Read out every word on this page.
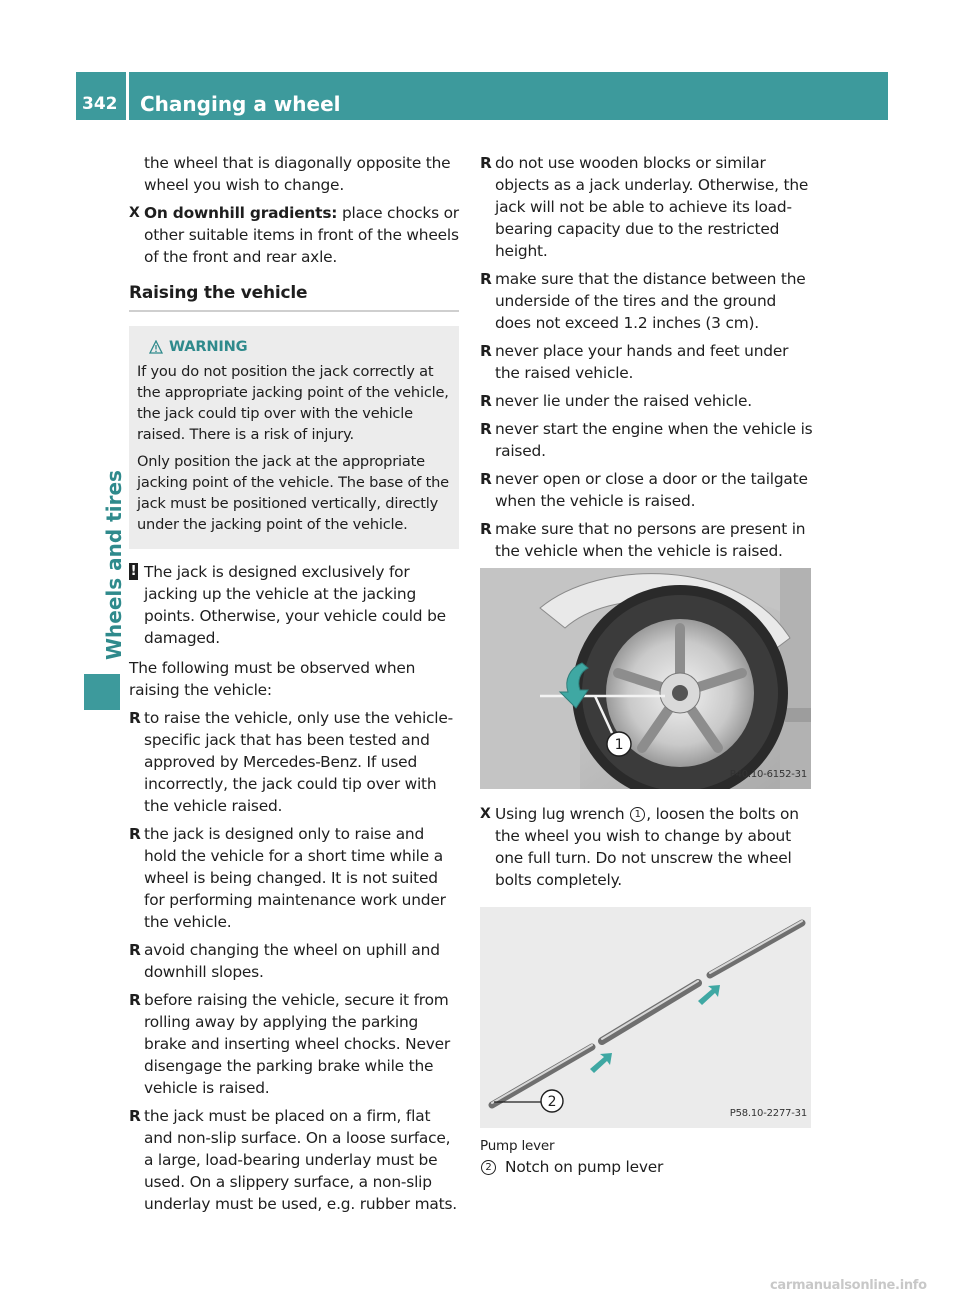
342	Changing a wheel
Wheels and tires
the wheel that is diagonally opposite the wheel you wish to change.
X On downhill gradients: place chocks or other suitable items in front of the wheels of the front and rear axle.
Raising the vehicle
WARNING

If you do not position the jack correctly at the appropriate jacking point of the vehicle, the jack could tip over with the vehicle raised. There is a risk of injury.

Only position the jack at the appropriate jacking point of the vehicle. The base of the jack must be positioned vertically, directly under the jacking point of the vehicle.

! The jack is designed exclusively for jacking up the vehicle at the jacking points. Otherwise, your vehicle could be damaged.
The following must be observed when raising the vehicle:
R to raise the vehicle, only use the vehicle-specific jack that has been tested and approved by Mercedes-Benz. If used incorrectly, the jack could tip over with the vehicle raised.
R the jack is designed only to raise and hold the vehicle for a short time while a wheel is being changed. It is not suited for performing maintenance work under the vehicle.
R avoid changing the wheel on uphill and downhill slopes.
R before raising the vehicle, secure it from rolling away by applying the parking brake and inserting wheel chocks. Never disengage the parking brake while the vehicle is raised.
R the jack must be placed on a firm, flat and non-slip surface. On a loose surface, a large, load-bearing underlay must be used. On a slippery surface, a non-slip underlay must be used, e.g. rubber mats.
R do not use wooden blocks or similar objects as a jack underlay. Otherwise, the jack will not be able to achieve its load-bearing capacity due to the restricted height.
R make sure that the distance between the underside of the tires and the ground does not exceed 1.2 inches (3 cm).
R never place your hands and feet under the raised vehicle.
R never lie under the raised vehicle.
R never start the engine when the vehicle is raised.
R never open or close a door or the tailgate when the vehicle is raised.
R make sure that no persons are present in the vehicle when the vehicle is raised.
1
P40.10-6152-31
X Using lug wrench 1 , loosen the bolts on the wheel you wish to change by about one full turn. Do not unscrew the wheel bolts completely.
2
P58.10-2277-31
Pump lever
2 Notch on pump lever
carmanualsonline.info
